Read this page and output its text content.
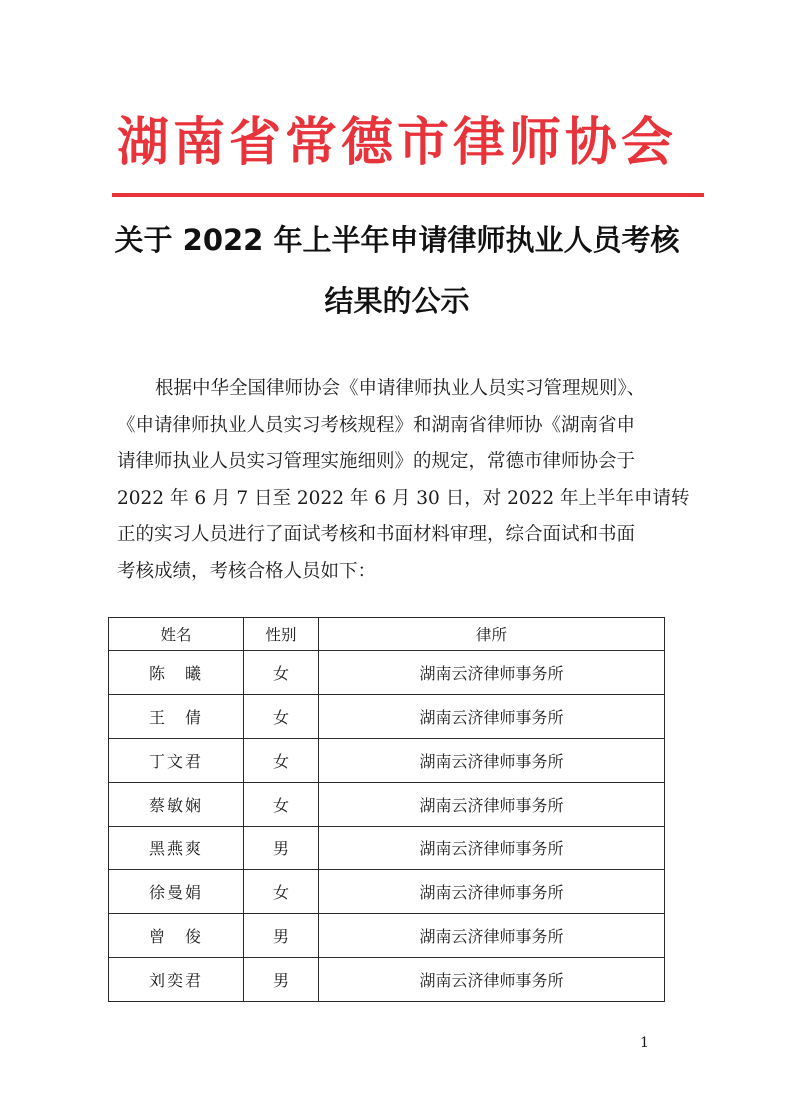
湖南省常德市律师协会
关于 2022 年上半年申请律师执业人员考核
结果的公示
根据中华全国律师协会《申请律师执业人员实习管理规则》、
《申请律师执业人员实习考核规程》和湖南省律师协《湖南省申
请律师执业人员实习管理实施细则》的规定，常德市律师协会于
2022 年 6 月 7 日至 2022 年 6 月 30 日，对 2022 年上半年申请转
正的实习人员进行了面试考核和书面材料审理，综合面试和书面
考核成绩，考核合格人员如下：
姓名	性别	律所
陈　曦	女	湖南云济律师事务所
王　倩	女	湖南云济律师事务所
丁文君	女	湖南云济律师事务所
蔡敏娴	女	湖南云济律师事务所
黑燕爽	男	湖南云济律师事务所
徐曼娟	女	湖南云济律师事务所
曾　俊	男	湖南云济律师事务所
刘奕君	男	湖南云济律师事务所
1
